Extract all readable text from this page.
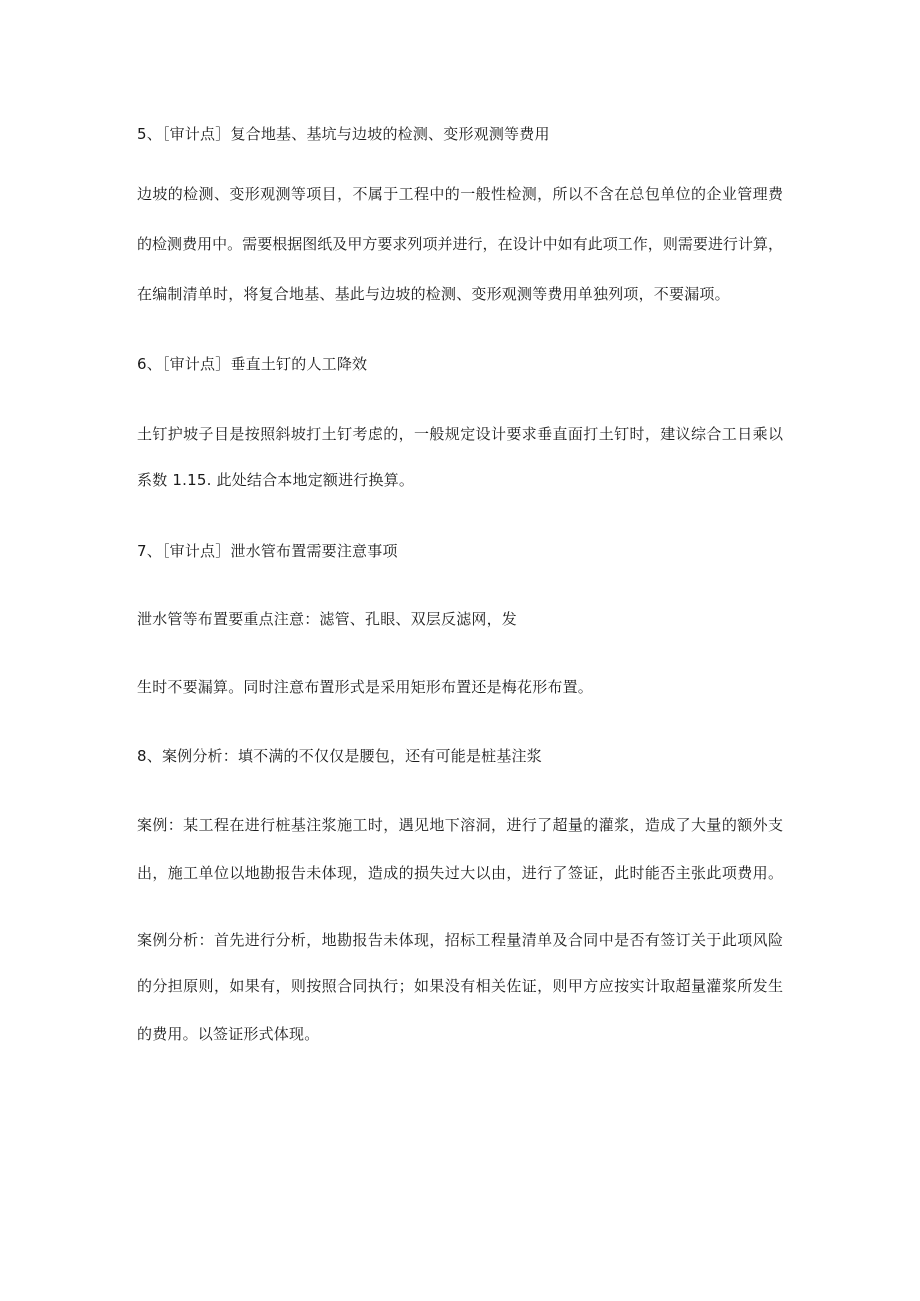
5、［审计点］复合地基、基坑与边坡的检测、变形观测等费用
边坡的检测、变形观测等项目，不属于工程中的一般性检测，所以不含在总包单位的企业管理费
的检测费用中。需要根据图纸及甲方要求列项并进行，在设计中如有此项工作，则需要进行计算，
在编制清单时，将复合地基、基此与边坡的检测、变形观测等费用单独列项，不要漏项。
6、［审计点］垂直土钉的人工降效
土钉护坡子目是按照斜坡打土钉考虑的，一般规定设计要求垂直面打土钉时，建议综合工日乘以
系数 1.15. 此处结合本地定额进行换算。
7、［审计点］泄水管布置需要注意事项
泄水管等布置要重点注意：滤管、孔眼、双层反滤网，发
生时不要漏算。同时注意布置形式是采用矩形布置还是梅花形布置。
8、案例分析：填不满的不仅仅是腰包，还有可能是桩基注浆
案例：某工程在进行桩基注浆施工时，遇见地下溶洞，进行了超量的灌浆，造成了大量的额外支
出，施工单位以地勘报告未体现，造成的损失过大以由，进行了签证，此时能否主张此项费用。
案例分析：首先进行分析，地勘报告未体现，招标工程量清单及合同中是否有签订关于此项风险
的分担原则，如果有，则按照合同执行；如果没有相关佐证，则甲方应按实计取超量灌浆所发生
的费用。以签证形式体现。
